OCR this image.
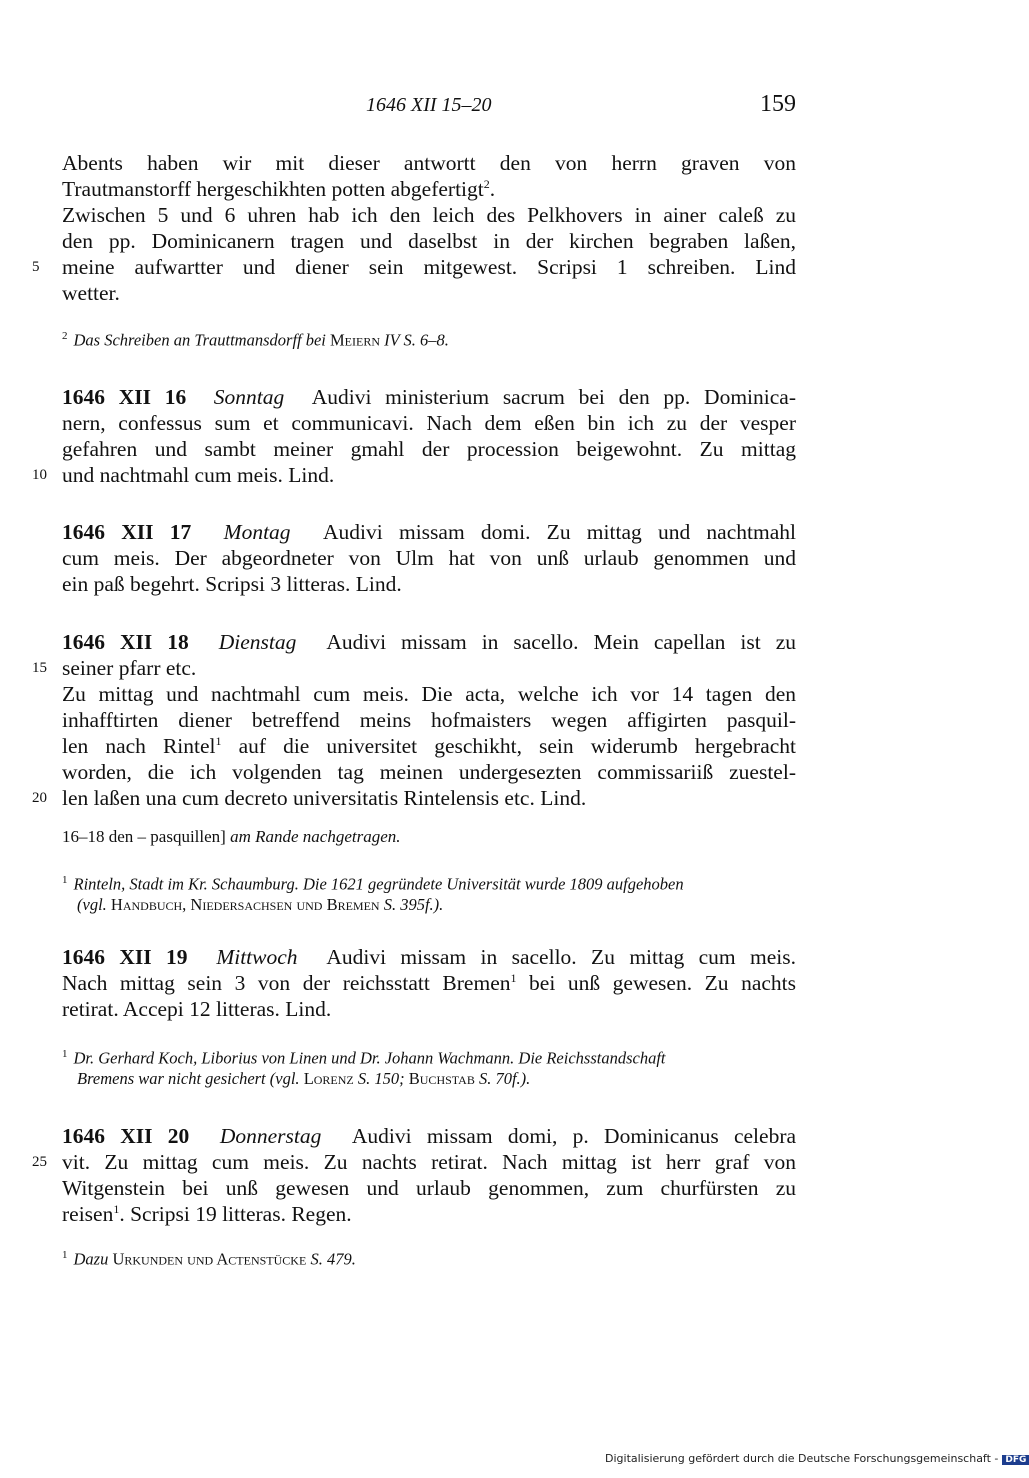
1646 XII 15–20	159
Abents haben wir mit dieser antwortt den von herrn graven von
Trautmanstorff hergeschikhten potten abgefertigt$^2$.
Zwischen 5 und 6 uhren hab ich den leich des Pelkhovers in ainer caleß zu
den pp. Dominicanern tragen und daselbst in der kirchen begraben laßen,
5	meine aufwartter und diener sein mitgewest. Scripsi 1 schreiben. Lind
wetter.
$^2$ Das Schreiben an Trauttmansdorff bei Meiern IV S. 6–8.
1646 XII 16 Sonntag Audivi ministerium sacrum bei den pp. Dominica-
nern, confessus sum et communicavi. Nach dem eßen bin ich zu der vesper
gefahren und sambt meiner gmahl der procession beigewohnt. Zu mittag
10 und nachtmahl cum meis. Lind.
1646 XII 17 Montag Audivi missam domi. Zu mittag und nachtmahl
cum meis. Der abgeordneter von Ulm hat von unß urlaub genommen und
ein paß begehrt. Scripsi 3 litteras. Lind.
1646 XII 18 Dienstag Audivi missam in sacello. Mein capellan ist zu
15 seiner pfarr etc.
Zu mittag und nachtmahl cum meis. Die acta, welche ich vor 14 tagen den
inhafftirten diener betreffend meins hofmaisters wegen affigirten pasquil-
len nach Rintel$^1$ auf die universitet geschikht, sein widerumb hergebracht
worden, die ich volgenden tag meinen undergesezten commissariiß zuestel-
20 len laßen una cum decreto universitatis Rintelensis etc. Lind.
16–18 den – pasquillen] am Rande nachgetragen.
$^1$ Rinteln, Stadt im Kr. Schaumburg. Die 1621 gegründete Universität wurde 1809 aufgehoben
(vgl. Handbuch, Niedersachsen und Bremen S. 395f.).
1646 XII 19 Mittwoch Audivi missam in sacello. Zu mittag cum meis.
Nach mittag sein 3 von der reichsstatt Bremen$^1$ bei unß gewesen. Zu nachts
retirat. Accepi 12 litteras. Lind.
$^1$ Dr. Gerhard Koch, Liborius von Linen und Dr. Johann Wachmann. Die Reichsstandschaft
Bremens war nicht gesichert (vgl. Lorenz S. 150; Buchstab S. 70f.).
1646 XII 20 Donnerstag Audivi missam domi, p. Dominicanus celebra
25 vit. Zu mittag cum meis. Zu nachts retirat. Nach mittag ist herr graf von
Witgenstein bei unß gewesen und urlaub genommen, zum churfürsten zu
reisen$^1$. Scripsi 19 litteras. Regen.
$^1$ Dazu Urkunden und Actenstücke S. 479.
Digitalisierung gefördert durch die Deutsche Forschungsgemeinschaft - DFG
